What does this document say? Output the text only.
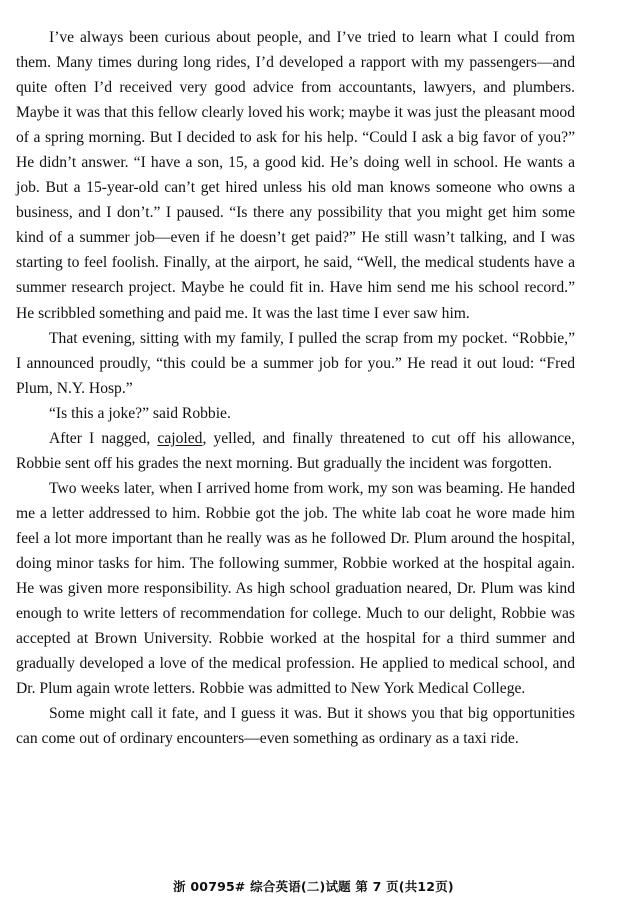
I’ve always been curious about people, and I’ve tried to learn what I could from them. Many times during long rides, I’d developed a rapport with my passengers—and quite often I’d received very good advice from accountants, lawyers, and plumbers. Maybe it was that this fellow clearly loved his work; maybe it was just the pleasant mood of a spring morning. But I decided to ask for his help. “Could I ask a big favor of you?” He didn’t answer. “I have a son, 15, a good kid. He’s doing well in school. He wants a job. But a 15-year-old can’t get hired unless his old man knows someone who owns a business, and I don’t.” I paused. “Is there any possibility that you might get him some kind of a summer job—even if he doesn’t get paid?” He still wasn’t talking, and I was starting to feel foolish. Finally, at the airport, he said, “Well, the medical students have a summer research project. Maybe he could fit in. Have him send me his school record.” He scribbled something and paid me. It was the last time I ever saw him.

That evening, sitting with my family, I pulled the scrap from my pocket. “Robbie,” I announced proudly, “this could be a summer job for you.” He read it out loud: “Fred Plum, N.Y. Hosp.”

“Is this a joke?” said Robbie.

After I nagged, cajoled, yelled, and finally threatened to cut off his allowance, Robbie sent off his grades the next morning. But gradually the incident was forgotten.

Two weeks later, when I arrived home from work, my son was beaming. He handed me a letter addressed to him. Robbie got the job. The white lab coat he wore made him feel a lot more important than he really was as he followed Dr. Plum around the hospital, doing minor tasks for him. The following summer, Robbie worked at the hospital again. He was given more responsibility. As high school graduation neared, Dr. Plum was kind enough to write letters of recommendation for college. Much to our delight, Robbie was accepted at Brown University. Robbie worked at the hospital for a third summer and gradually developed a love of the medical profession. He applied to medical school, and Dr. Plum again wrote letters. Robbie was admitted to New York Medical College.

Some might call it fate, and I guess it was. But it shows you that big opportunities can come out of ordinary encounters—even something as ordinary as a taxi ride.

浙 00795# 综合英语(二)试题 第 7 页(共12页)
